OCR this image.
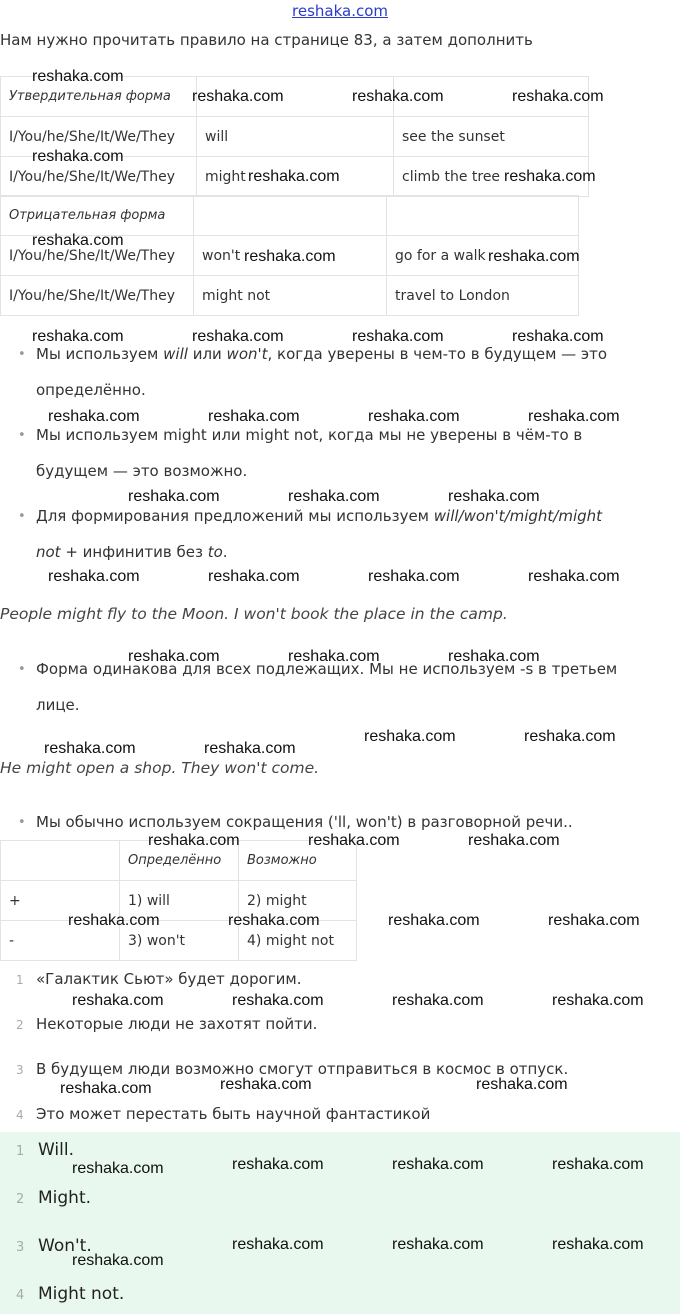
reshaka.com
Нам нужно прочитать правило на странице 83, а затем дополнить
Утвердительная форма		
I/You/he/She/It/We/They	will	see the sunset
I/You/he/She/It/We/They	might	climb the tree
Отрицательная форма		
I/You/he/She/It/We/They	won't	go for a walk
I/You/he/She/It/We/They	might not	travel to London
• Мы используем will или won't, когда уверены в чем-то в будущем — это
определённо.
• Мы используем might или might not, когда мы не уверены в чём-то в
будущем — это возможно.
• Для формирования предложений мы используем will/won't/might/might
not + инфинитив без to.
People might fly to the Moon. I won't book the place in the camp.
• Форма одинакова для всех подлежащих. Мы не используем -s в третьем
лице.
He might open a shop. They won't come.
• Мы обычно используем сокращения ('ll, won't) в разговорной речи..
	Определённо	Возможно
+	1) will	2) might
-	3) won't	4) might not
1 «Галактик Сьют» будет дорогим.
2 Некоторые люди не захотят пойти.
3 В будущем люди возможно смогут отправиться в космос в отпуск.
4 Это может перестать быть научной фантастикой
1 Will.
2 Might.
3 Won't.
4 Might not.
reshaka.com
reshaka.com	reshaka.com	reshaka.com
reshaka.com
reshaka.com	reshaka.com
reshaka.com
reshaka.com	reshaka.com
reshaka.com	reshaka.com	reshaka.com	reshaka.com
reshaka.com	reshaka.com	reshaka.com	reshaka.com
reshaka.com	reshaka.com	reshaka.com
reshaka.com	reshaka.com	reshaka.com	reshaka.com
reshaka.com	reshaka.com	reshaka.com
reshaka.com	reshaka.com
reshaka.com	reshaka.com
reshaka.com	reshaka.com	reshaka.com
reshaka.com	reshaka.com	reshaka.com	reshaka.com
reshaka.com	reshaka.com	reshaka.com	reshaka.com
reshaka.com	reshaka.com	reshaka.com
reshaka.com	reshaka.com	reshaka.com	reshaka.com
reshaka.com	reshaka.com	reshaka.com
reshaka.com
